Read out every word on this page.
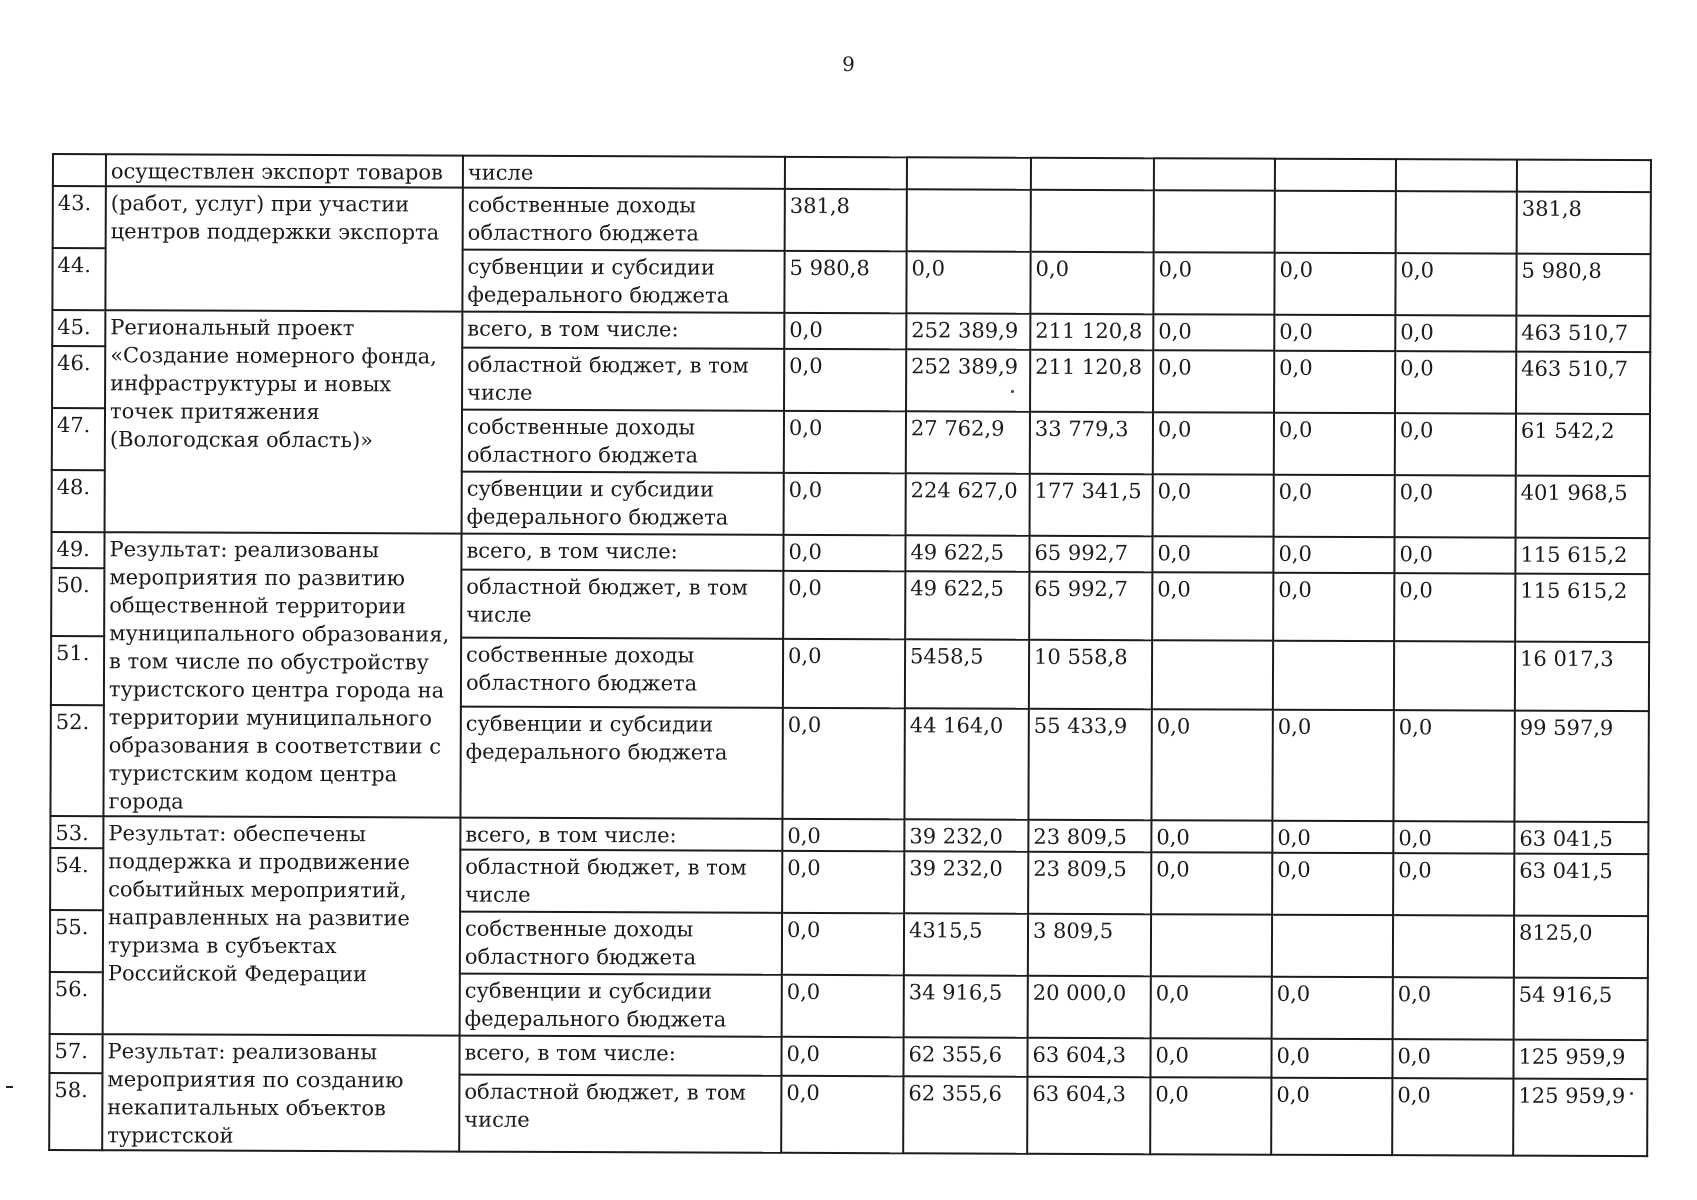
9
	осуществлен экспорт товаров	числе							
43.	(работ, услуг) при участии центров поддержки экспорта	собственные доходы областного бюджета	381,8						381,8
44.		субвенции и субсидии федерального бюджета	5 980,8	0,0	0,0	0,0	0,0	0,0	5 980,8
45.	Региональный проект «Создание номерного фонда, инфраструктуры и новых точек притяжения (Вологодская область)»	всего, в том числе:	0,0	252 389,9	211 120,8	0,0	0,0	0,0	463 510,7
46.		областной бюджет, в том числе	0,0	252 389,9	211 120,8	0,0	0,0	0,0	463 510,7
47.		собственные доходы областного бюджета	0,0	27 762,9	33 779,3	0,0	0,0	0,0	61 542,2
48.		субвенции и субсидии федерального бюджета	0,0	224 627,0	177 341,5	0,0	0,0	0,0	401 968,5
49.	Результат: реализованы мероприятия по развитию общественной территории муниципального образования, в том числе по обустройству туристского центра города на территории муниципального образования в соответствии с туристским кодом центра города	всего, в том числе:	0,0	49 622,5	65 992,7	0,0	0,0	0,0	115 615,2
50.		областной бюджет, в том числе	0,0	49 622,5	65 992,7	0,0	0,0	0,0	115 615,2
51.		собственные доходы областного бюджета	0,0	5458,5	10 558,8				16 017,3
52.		субвенции и субсидии федерального бюджета	0,0	44 164,0	55 433,9	0,0	0,0	0,0	99 597,9
53.	Результат: обеспечены поддержка и продвижение событийных мероприятий, направленных на развитие туризма в субъектах Российской Федерации	всего, в том числе:	0,0	39 232,0	23 809,5	0,0	0,0	0,0	63 041,5
54.		областной бюджет, в том числе	0,0	39 232,0	23 809,5	0,0	0,0	0,0	63 041,5
55.		собственные доходы областного бюджета	0,0	4315,5	3 809,5				8125,0
56.		субвенции и субсидии федерального бюджета	0,0	34 916,5	20 000,0	0,0	0,0	0,0	54 916,5
57.	Результат: реализованы мероприятия по созданию некапитальных объектов туристской	всего, в том числе:	0,0	62 355,6	63 604,3	0,0	0,0	0,0	125 959,9
58.		областной бюджет, в том числе	0,0	62 355,6	63 604,3	0,0	0,0	0,0	125 959,9
